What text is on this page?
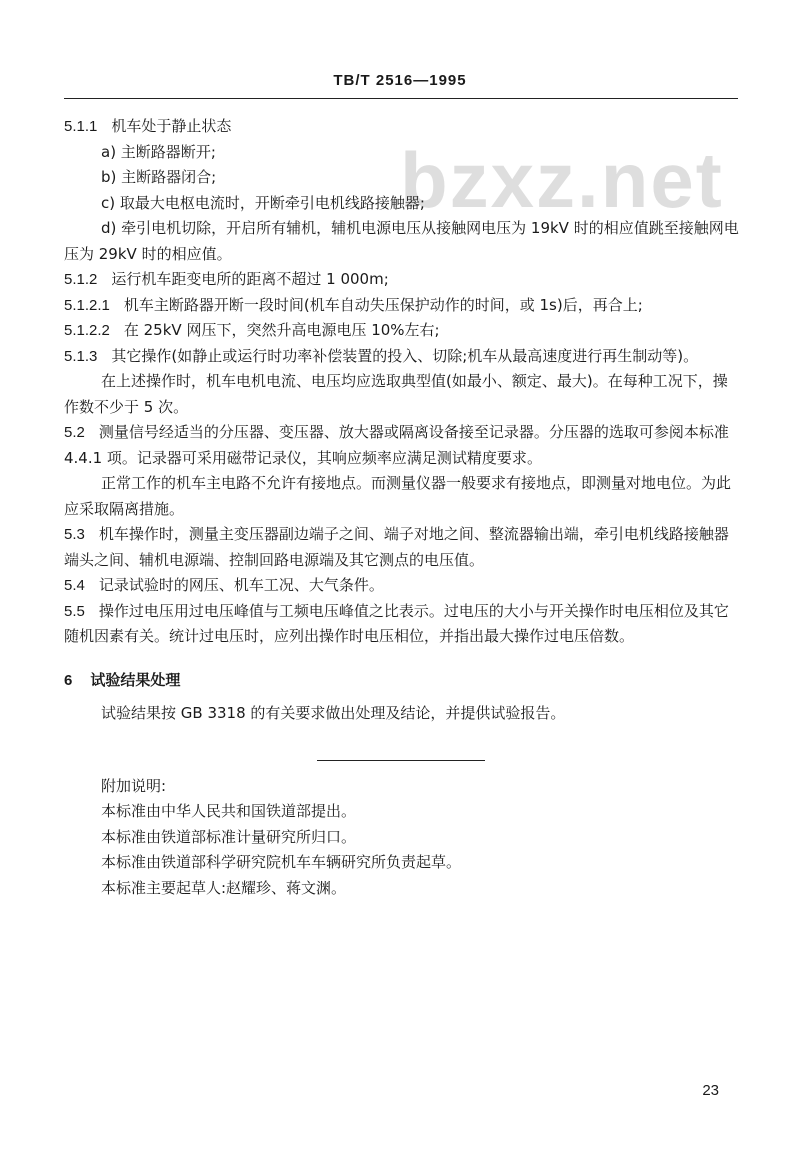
TB/T 2516—1995
bzxz.net

5.1.1 机车处于静止状态

a) 主断路器断开;

b) 主断路器闭合;

c) 取最大电枢电流时，开断牵引电机线路接触器;

d) 牵引电机切除，开启所有辅机，辅机电源电压从接触网电压为 19kV 时的相应值跳至接触网电压为 29kV 时的相应值。

5.1.2 运行机车距变电所的距离不超过 1 000m;

5.1.2.1 机车主断路器开断一段时间(机车自动失压保护动作的时间，或 1s)后，再合上;

5.1.2.2 在 25kV 网压下，突然升高电源电压 10%左右;

5.1.3 其它操作(如静止或运行时功率补偿装置的投入、切除;机车从最高速度进行再生制动等)。

在上述操作时，机车电机电流、电压均应选取典型值(如最小、额定、最大)。在每种工况下，操作数不少于 5 次。

5.2 测量信号经适当的分压器、变压器、放大器或隔离设备接至记录器。分压器的选取可参阅本标准 4.4.1 项。记录器可采用磁带记录仪，其响应频率应满足测试精度要求。

正常工作的机车主电路不允许有接地点。而测量仪器一般要求有接地点，即测量对地电位。为此应采取隔离措施。

5.3 机车操作时，测量主变压器副边端子之间、端子对地之间、整流器输出端，牵引电机线路接触器端头之间、辅机电源端、控制回路电源端及其它测点的电压值。

5.4 记录试验时的网压、机车工况、大气条件。

5.5 操作过电压用过电压峰值与工频电压峰值之比表示。过电压的大小与开关操作时电压相位及其它随机因素有关。统计过电压时，应列出操作时电压相位，并指出最大操作过电压倍数。

6 试验结果处理

试验结果按 GB 3318 的有关要求做出处理及结论，并提供试验报告。

附加说明:

本标准由中华人民共和国铁道部提出。

本标准由铁道部标准计量研究所归口。

本标准由铁道部科学研究院机车车辆研究所负责起草。

本标准主要起草人:赵耀珍、蒋文渊。

23
